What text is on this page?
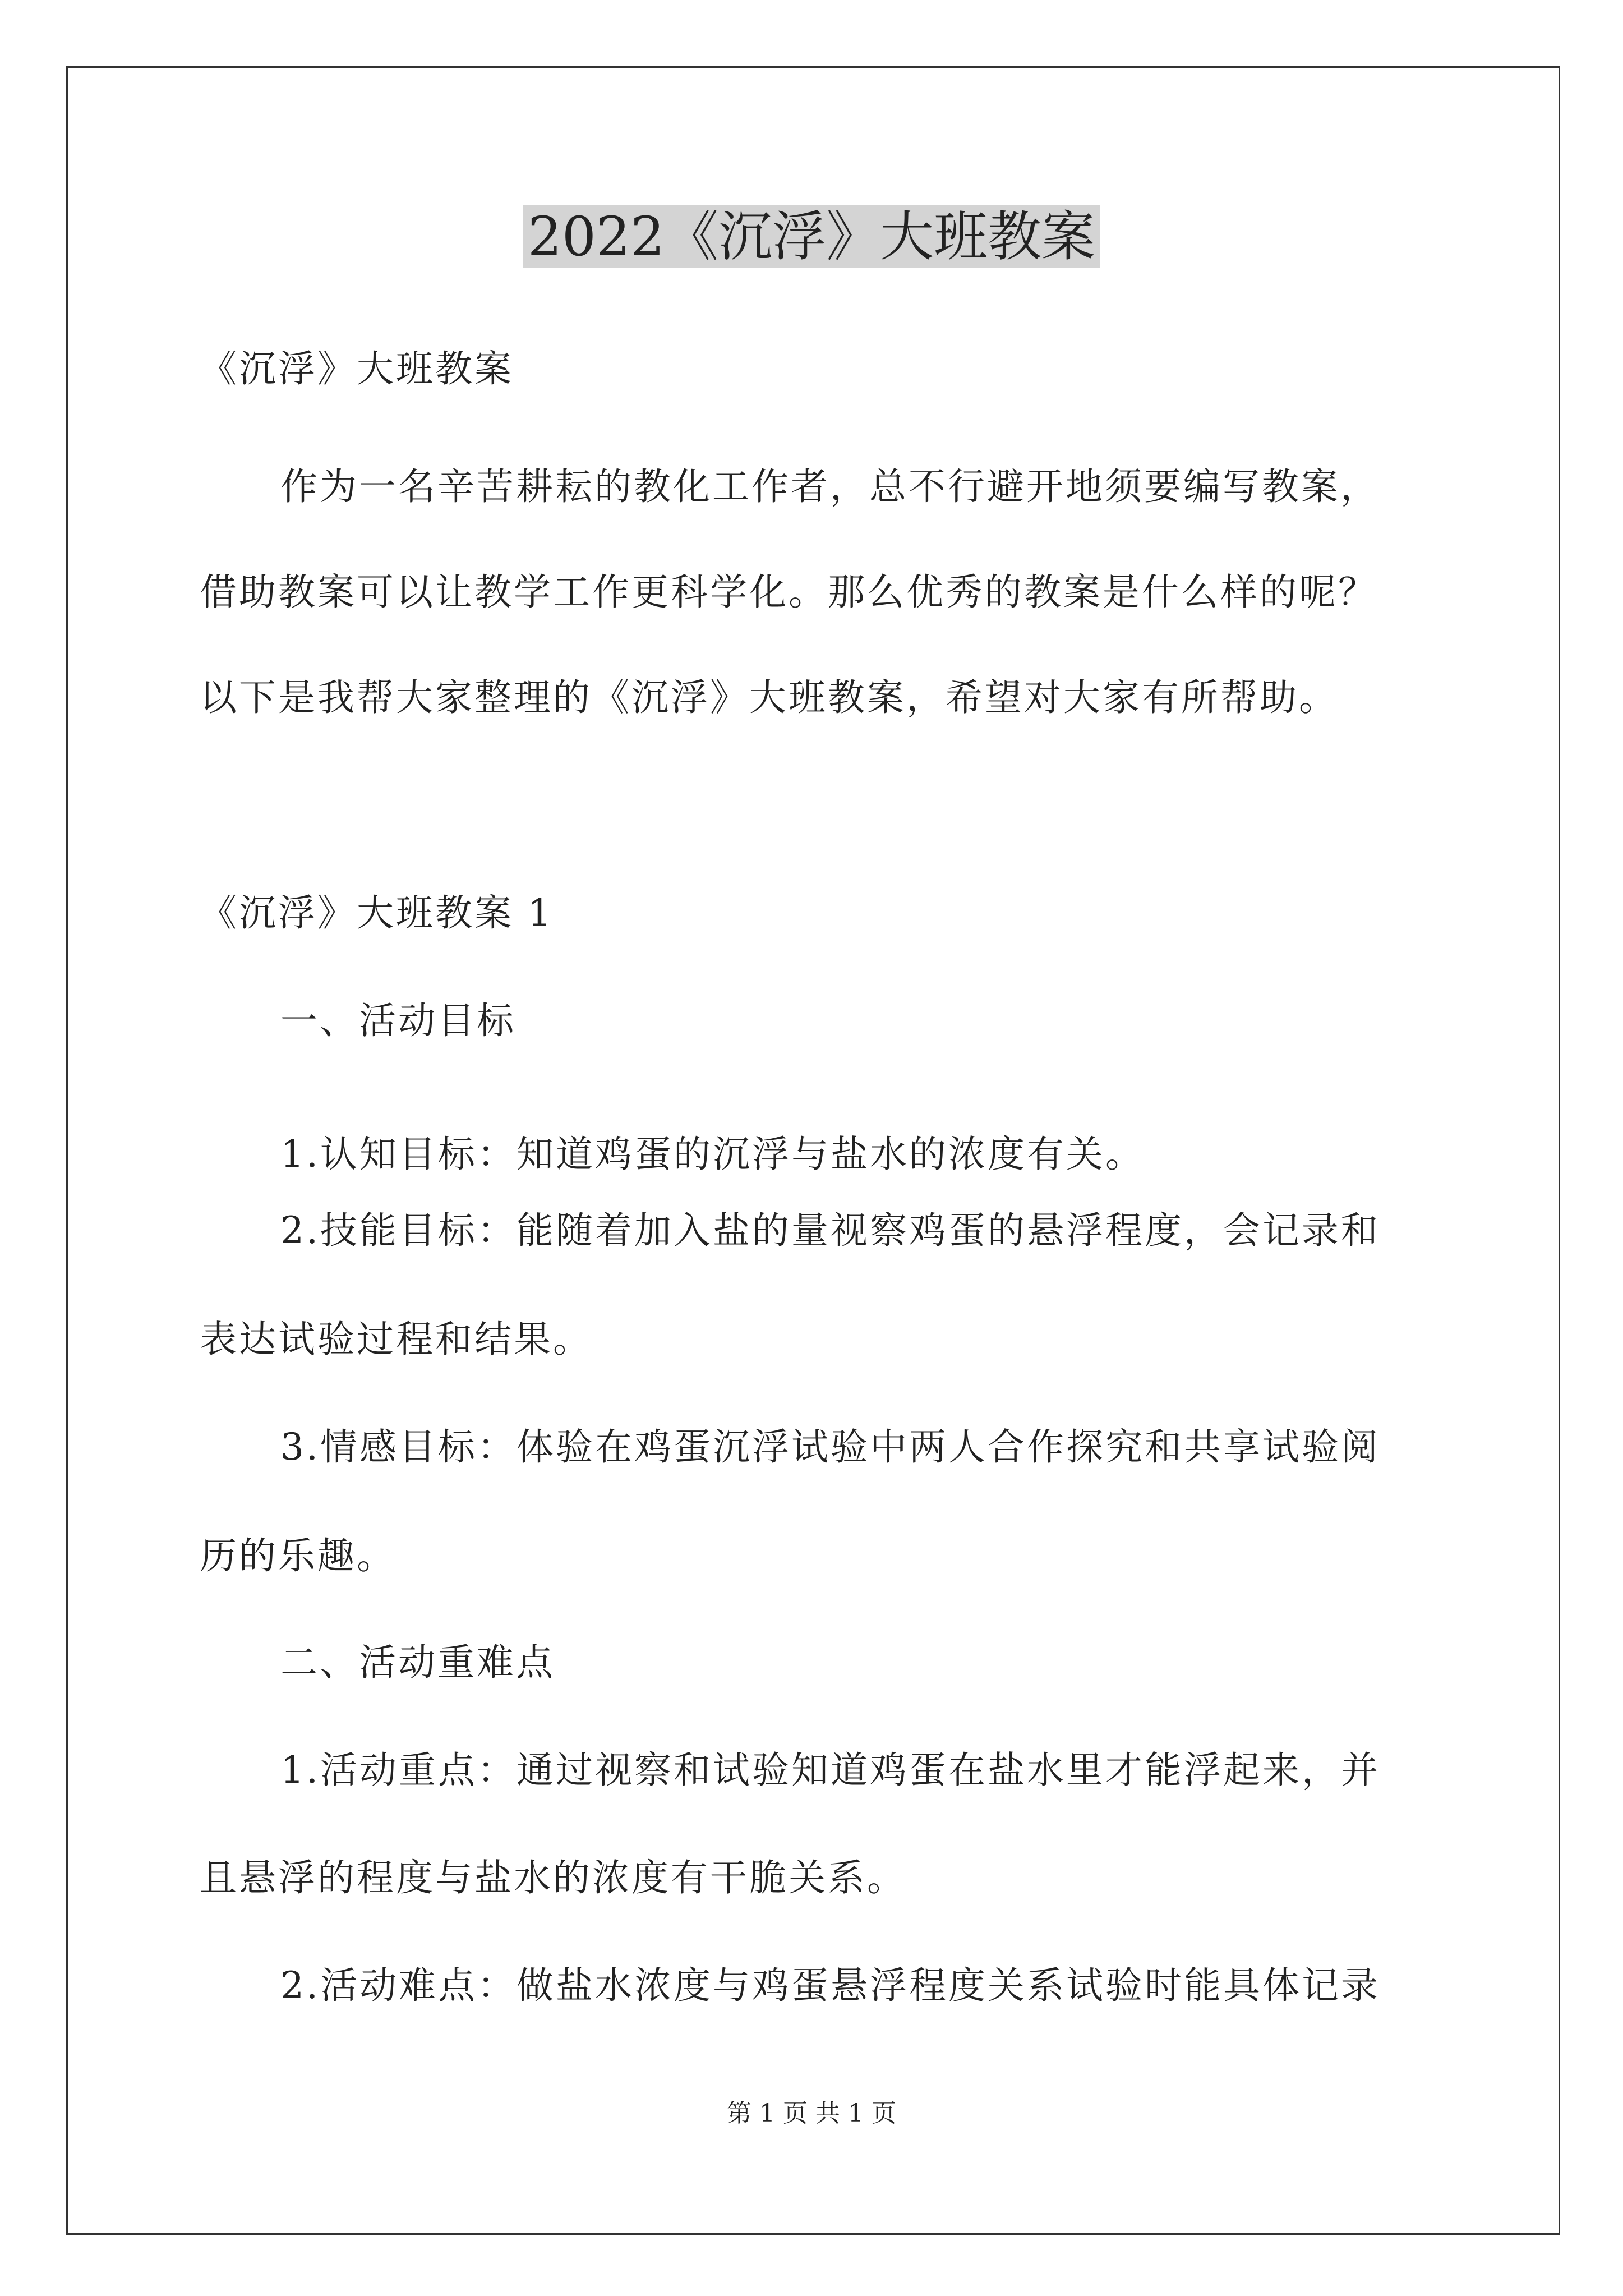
2022《沉浮》大班教案
《沉浮》大班教案
作为一名辛苦耕耘的教化工作者，总不行避开地须要编写教案，
借助教案可以让教学工作更科学化。那么优秀的教案是什么样的呢？
以下是我帮大家整理的《沉浮》大班教案，希望对大家有所帮助。
《沉浮》大班教案 1
一、活动目标
1.认知目标：知道鸡蛋的沉浮与盐水的浓度有关。
2.技能目标：能随着加入盐的量视察鸡蛋的悬浮程度，会记录和
表达试验过程和结果。
3.情感目标：体验在鸡蛋沉浮试验中两人合作探究和共享试验阅
历的乐趣。
二、活动重难点
1.活动重点：通过视察和试验知道鸡蛋在盐水里才能浮起来，并
且悬浮的程度与盐水的浓度有干脆关系。
2.活动难点：做盐水浓度与鸡蛋悬浮程度关系试验时能具体记录
第 1 页 共 1 页
